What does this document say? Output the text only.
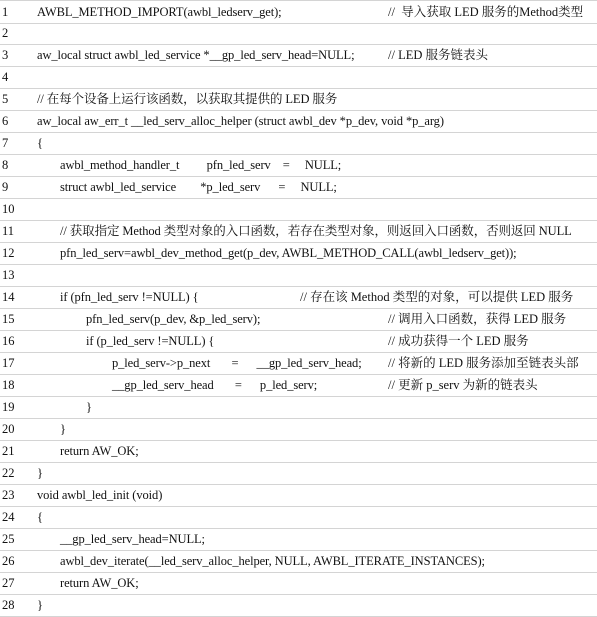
1	AWBL_METHOD_IMPORT(awbl_ledserv_get);	//  导入获取 LED 服务的Method类型
2
3	aw_local struct awbl_led_service *__gp_led_serv_head=NULL;	// LED 服务链表头
4
5	// 在每个设备上运行该函数，以获取其提供的 LED 服务
6	aw_local aw_err_t __led_serv_alloc_helper (struct awbl_dev *p_dev, void *p_arg)
7	{
8	awbl_method_handler_t         pfn_led_serv    =     NULL;
9	struct awbl_led_service        *p_led_serv      =     NULL;
10
11	// 获取指定 Method 类型对象的入口函数，若存在类型对象，则返回入口函数，否则返回 NULL
12	pfn_led_serv=awbl_dev_method_get(p_dev, AWBL_METHOD_CALL(awbl_ledserv_get));
13
14	if (pfn_led_serv !=NULL) {	// 存在该 Method 类型的对象，可以提供 LED 服务
15	pfn_led_serv(p_dev, &p_led_serv);	// 调用入口函数，获得 LED 服务
16	if (p_led_serv !=NULL) {	// 成功获得一个 LED 服务
17	p_led_serv->p_next       =      __gp_led_serv_head; // 将新的 LED 服务添加至链表头部
18	__gp_led_serv_head       =      p_led_serv;	// 更新 p_serv 为新的链表头
19	}
20	}
21	return AW_OK;
22	}
23	void awbl_led_init (void)
24	{
25	__gp_led_serv_head=NULL;
26	awbl_dev_iterate(__led_serv_alloc_helper, NULL, AWBL_ITERATE_INSTANCES);
27	return AW_OK;
28	}
